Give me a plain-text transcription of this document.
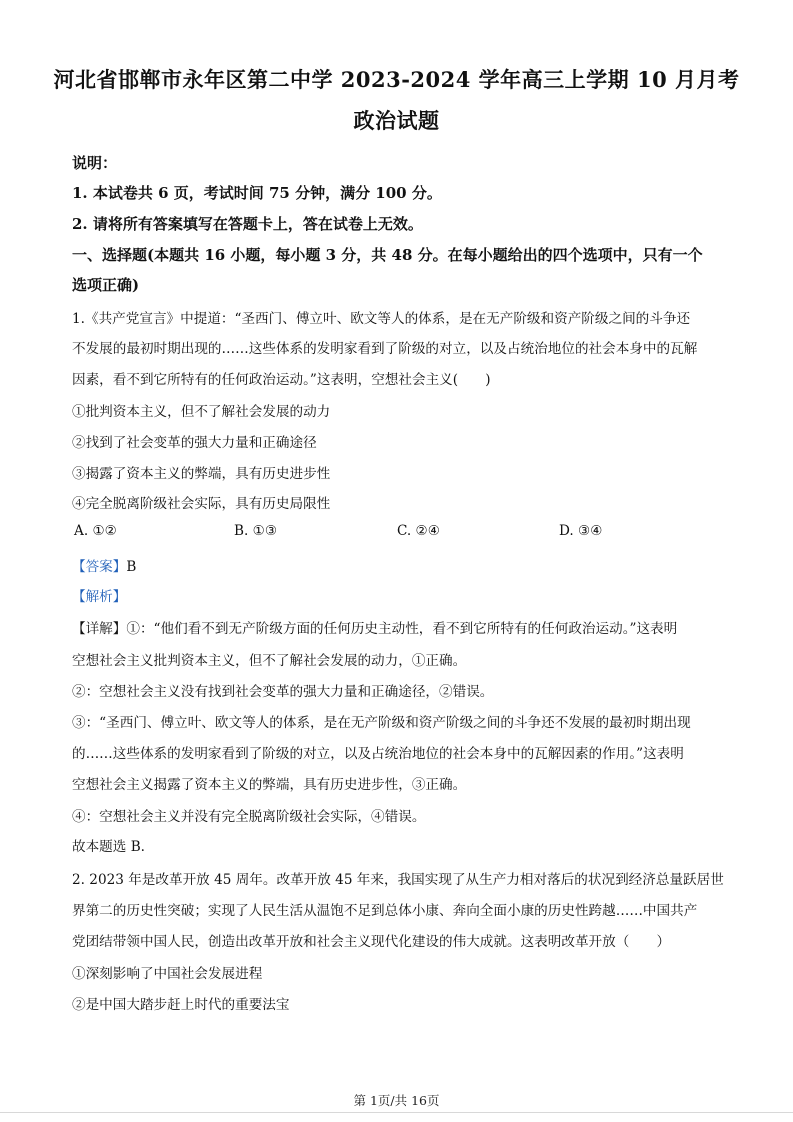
河北省邯郸市永年区第二中学 2023-2024 学年高三上学期 10 月月考
政治试题
说明：
1. 本试卷共 6 页，考试时间 75 分钟，满分 100 分。
2. 请将所有答案填写在答题卡上，答在试卷上无效。
一、选择题(本题共 16 小题，每小题 3 分，共 48 分。在每小题给出的四个选项中，只有一个
选项正确)
1.《共产党宣言》中提道：“圣西门、傅立叶、欧文等人的体系，是在无产阶级和资产阶级之间的斗争还
不发展的最初时期出现的……这些体系的发明家看到了阶级的对立，以及占统治地位的社会本身中的瓦解
因素，看不到它所特有的任何政治运动。”这表明，空想社会主义(　　)
①批判资本主义，但不了解社会发展的动力
②找到了社会变革的强大力量和正确途径
③揭露了资本主义的弊端，具有历史进步性
④完全脱离阶级社会实际，具有历史局限性
A. ①②	B. ①③	C. ②④	D. ③④
【答案】B
【解析】
【详解】①：“他们看不到无产阶级方面的任何历史主动性，看不到它所特有的任何政治运动。”这表明
空想社会主义批判资本主义，但不了解社会发展的动力，①正确。
②：空想社会主义没有找到社会变革的强大力量和正确途径，②错误。
③：“圣西门、傅立叶、欧文等人的体系，是在无产阶级和资产阶级之间的斗争还不发展的最初时期出现
的……这些体系的发明家看到了阶级的对立，以及占统治地位的社会本身中的瓦解因素的作用。”这表明
空想社会主义揭露了资本主义的弊端，具有历史进步性，③正确。
④：空想社会主义并没有完全脱离阶级社会实际，④错误。
故本题选 B.
2. 2023 年是改革开放 45 周年。改革开放 45 年来，我国实现了从生产力相对落后的状况到经济总量跃居世
界第二的历史性突破；实现了人民生活从温饱不足到总体小康、奔向全面小康的历史性跨越……中国共产
党团结带领中国人民，创造出改革开放和社会主义现代化建设的伟大成就。这表明改革开放（　　）
①深刻影响了中国社会发展进程
②是中国大踏步赶上时代的重要法宝
第 1页/共 16页
